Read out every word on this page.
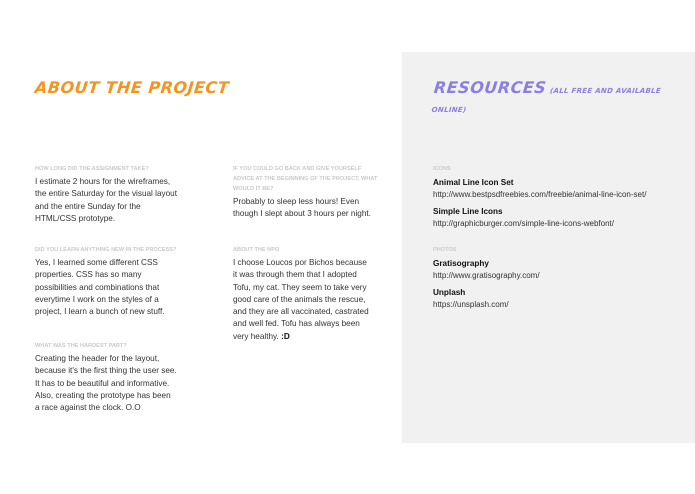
ABOUT THE PROJECT	RESOURCES (ALL FREE AND AVAILABLE ONLINE)
HOW LONG DID THE ASSIGNMENT TAKE?

I estimate 2 hours for the wireframes, the entire Saturday for the visual layout and the entire Sunday for the HTML/CSS prototype.

DID YOU LEARN ANYTHING NEW IN THE PROCESS?

Yes, I learned some different CSS properties. CSS has so many possibilities and combinations that everytime I work on the styles of a project, I learn a bunch of new stuff.

WHAT WAS THE HARDEST PART?

Creating the header for the layout, because it's the first thing the user see. It has to be beautiful and informative. Also, creating the prototype has been a race against the clock. O.O

IF YOU COULD GO BACK AND GIVE YOURSELF ADVICE AT THE BEGINNING OF THE PROJECT, WHAT WOULD IT BE?

Probably to sleep less hours! Even though I slept about 3 hours per night.

ABOUT THE NPO

I choose Loucos por Bichos because it was through them that I adopted Tofu, my cat. They seem to take very good care of the animals the rescue, and they are all vaccinated, castrated and well fed. Tofu has always been very healthy. :D

ICONS
Animal Line Icon Set
http://www.bestpsdfreebies.com/freebie/animal-line-icon-set/
Simple Line Icons
http://graphicburger.com/simple-line-icons-webfont/
PHOTOS
Gratisography
http://www.gratisography.com/
Unplash
https://unsplash.com/
